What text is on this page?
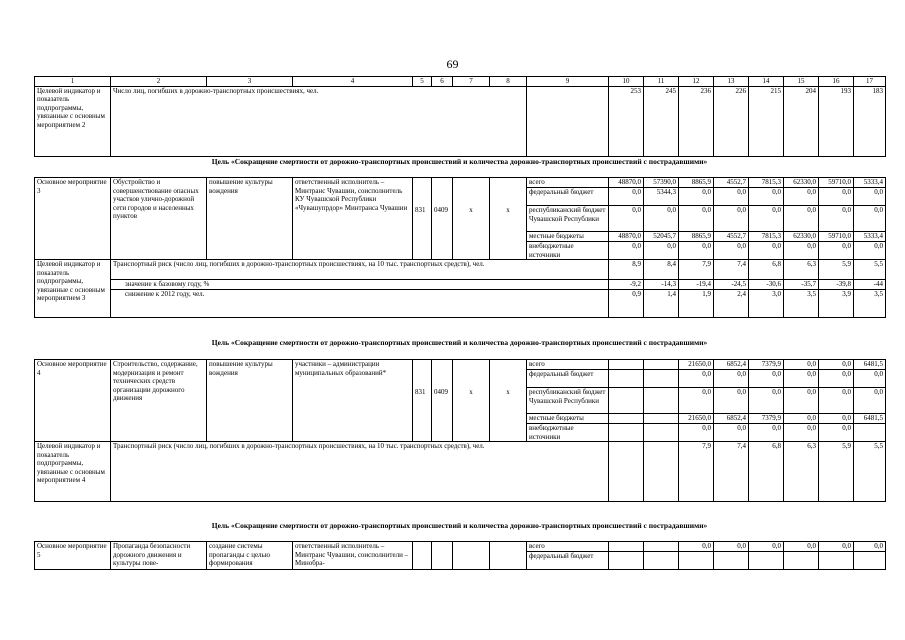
69
1	2	3	4	5	6	7	8	9	10	11	12	13	14	15	16	17
Целевой индикатор и показатель подпрограммы, увязанные с основным мероприятием 2	Число лиц, погибших в дорожно-транспортных происшествиях, чел.								253	245	236	226	215	204	193	183
Цель «Сокращение смертности от дорожно-транспортных происшествий и количества дорожно-транспортных происшествий с пострадавшими»
Основное мероприятие 3	Обустройство и совершенствование опасных участков улично-дорожной сети городов и населенных пунктов	повышение культуры вождения	ответственный исполнитель – Минтранс Чувашии, соисполнитель КУ Чувашской Республики «Чувашупрдор» Минтранса Чувашии					всего	48870,0	57390,0	8865,9	4552,7	7815,3	62330,0	59710,0	5333,4
								федеральный бюджет	0,0	5344,3	0,0	0,0	0,0	0,0	0,0	0,0
				831	0409	x	x	республиканский бюджет Чувашской Республики	0,0	0,0	0,0	0,0	0,0	0,0	0,0	0,0
								местные бюджеты	48870,0	52045,7	8865,9	4552,7	7815,3	62330,0	59710,0	5333,4
								внебюджетные источники	0,0	0,0	0,0	0,0	0,0	0,0	0,0	0,0
Целевой индикатор и показатель подпрограммы, увязанные с основным мероприятием 3	Транспортный риск (число лиц, погибших в дорожно-транспортных происшествиях, на 10 тыс. транспортных средств), чел.								8,9	8,4	7,9	7,4	6,8	6,3	5,9	5,5
	значение к базовому году, %								-9,2	-14,3	-19,4	-24,5	-30,6	-35,7	-39,8	-44
	снижение к 2012 году, чел.								0,9	1,4	1,9	2,4	3,0	3,5	3,9	3,5
Цель «Сокращение смертности от дорожно-транспортных происшествий и количества дорожно-транспортных происшествий с пострадавшими»
Основное мероприятие 4	Строительство, содержание, модернизация и ремонт технических средств организации дорожного движения	повышение культуры вождения	участники – администрации муниципальных образований*					всего			21650,0	6852,4	7379,9	0,0	0,0	6481,5
								федеральный бюджет			0,0	0,0	0,0	0,0	0,0	0,0
				831	0409	x	x	республиканский бюджет Чувашской Республики			0,0	0,0	0,0	0,0	0,0	0,0
								местные бюджеты			21650,0	6852,4	7379,9	0,0	0,0	6481,5
								внебюджетные источники			0,0	0,0	0,0	0,0	0,0	
Целевой индикатор и показатель подпрограммы, увязанные с основным мероприятием 4	Транспортный риск (число лиц, погибших в дорожно-транспортных происшествиях, на 10 тыс. транспортных средств), чел.										7,9	7,4	6,8	6,3	5,9	5,5
Цель «Сокращение смертности от дорожно-транспортных происшествий и количества дорожно-транспортных происшествий с пострадавшими»
Основное мероприятие 5	Пропаганда безопасности дорожного движения и культуры пове-	создание системы пропаганды с целью формирования	ответственный исполнитель – Минтранс Чувашии, соисполнители – Минобра-					всего			0,0	0,0	0,0	0,0	0,0	0,0
								федеральный бюджет								
